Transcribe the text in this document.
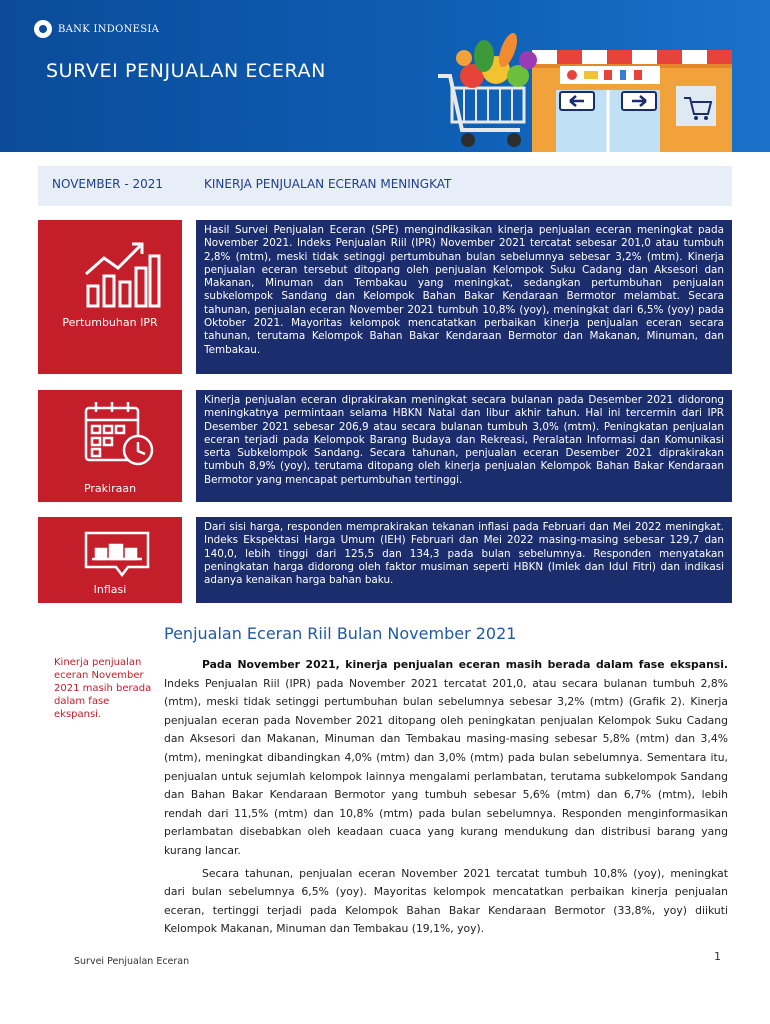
BANK INDONESIA
SURVEI PENJUALAN ECERAN
NOVEMBER - 2021	KINERJA PENJUALAN ECERAN MENINGKAT
Pertumbuhan IPR

Hasil Survei Penjualan Eceran (SPE) mengindikasikan kinerja penjualan eceran meningkat pada November 2021. Indeks Penjualan Riil (IPR) November 2021 tercatat sebesar 201,0 atau tumbuh 2,8% (mtm), meski tidak setinggi pertumbuhan bulan sebelumnya sebesar 3,2% (mtm). Kinerja penjualan eceran tersebut ditopang oleh penjualan Kelompok Suku Cadang dan Aksesori dan Makanan, Minuman dan Tembakau yang meningkat, sedangkan pertumbuhan penjualan subkelompok Sandang dan Kelompok Bahan Bakar Kendaraan Bermotor melambat. Secara tahunan, penjualan eceran November 2021 tumbuh 10,8% (yoy), meningkat dari 6,5% (yoy) pada Oktober 2021. Mayoritas kelompok mencatatkan perbaikan kinerja penjualan eceran secara tahunan, terutama Kelompok Bahan Bakar Kendaraan Bermotor dan Makanan, Minuman, dan Tembakau.

Prakiraan

Kinerja penjualan eceran diprakirakan meningkat secara bulanan pada Desember 2021 didorong meningkatnya permintaan selama HBKN Natal dan libur akhir tahun. Hal ini tercermin dari IPR Desember 2021 sebesar 206,9 atau secara bulanan tumbuh 3,0% (mtm). Peningkatan penjualan eceran terjadi pada Kelompok Barang Budaya dan Rekreasi, Peralatan Informasi dan Komunikasi serta Subkelompok Sandang. Secara tahunan, penjualan eceran Desember 2021 diprakirakan tumbuh 8,9% (yoy), terutama ditopang oleh kinerja penjualan Kelompok Bahan Bakar Kendaraan Bermotor yang mencapat pertumbuhan tertinggi.

Inflasi

Dari sisi harga, responden memprakirakan tekanan inflasi pada Februari dan Mei 2022 meningkat. Indeks Ekspektasi Harga Umum (IEH) Februari dan Mei 2022 masing-masing sebesar 129,7 dan 140,0, lebih tinggi dari 125,5 dan 134,3 pada bulan sebelumnya. Responden menyatakan peningkatan harga didorong oleh faktor musiman seperti HBKN (Imlek dan Idul Fitri) dan indikasi adanya kenaikan harga bahan baku.

Penjualan Eceran Riil Bulan November 2021
Kinerja penjualan eceran November 2021 masih berada dalam fase ekspansi.

Pada November 2021, kinerja penjualan eceran masih berada dalam fase ekspansi. Indeks Penjualan Riil (IPR) pada November 2021 tercatat 201,0, atau secara bulanan tumbuh 2,8% (mtm), meski tidak setinggi pertumbuhan bulan sebelumnya sebesar 3,2% (mtm) (Grafik 2). Kinerja penjualan eceran pada November 2021 ditopang oleh peningkatan penjualan Kelompok Suku Cadang dan Aksesori dan Makanan, Minuman dan Tembakau masing-masing sebesar 5,8% (mtm) dan 3,4% (mtm), meningkat dibandingkan 4,0% (mtm) dan 3,0% (mtm) pada bulan sebelumnya. Sementara itu, penjualan untuk sejumlah kelompok lainnya mengalami perlambatan, terutama subkelompok Sandang dan Bahan Bakar Kendaraan Bermotor yang tumbuh sebesar 5,6% (mtm) dan 6,7% (mtm), lebih rendah dari 11,5% (mtm) dan 10,8% (mtm) pada bulan sebelumnya. Responden menginformasikan perlambatan disebabkan oleh keadaan cuaca yang kurang mendukung dan distribusi barang yang kurang lancar.

Secara tahunan, penjualan eceran November 2021 tercatat tumbuh 10,8% (yoy), meningkat dari bulan sebelumnya 6,5% (yoy). Mayoritas kelompok mencatatkan perbaikan kinerja penjualan eceran, tertinggi terjadi pada Kelompok Bahan Bakar Kendaraan Bermotor (33,8%, yoy) diikuti Kelompok Makanan, Minuman dan Tembakau (19,1%, yoy).

Survei Penjualan Eceran	1
